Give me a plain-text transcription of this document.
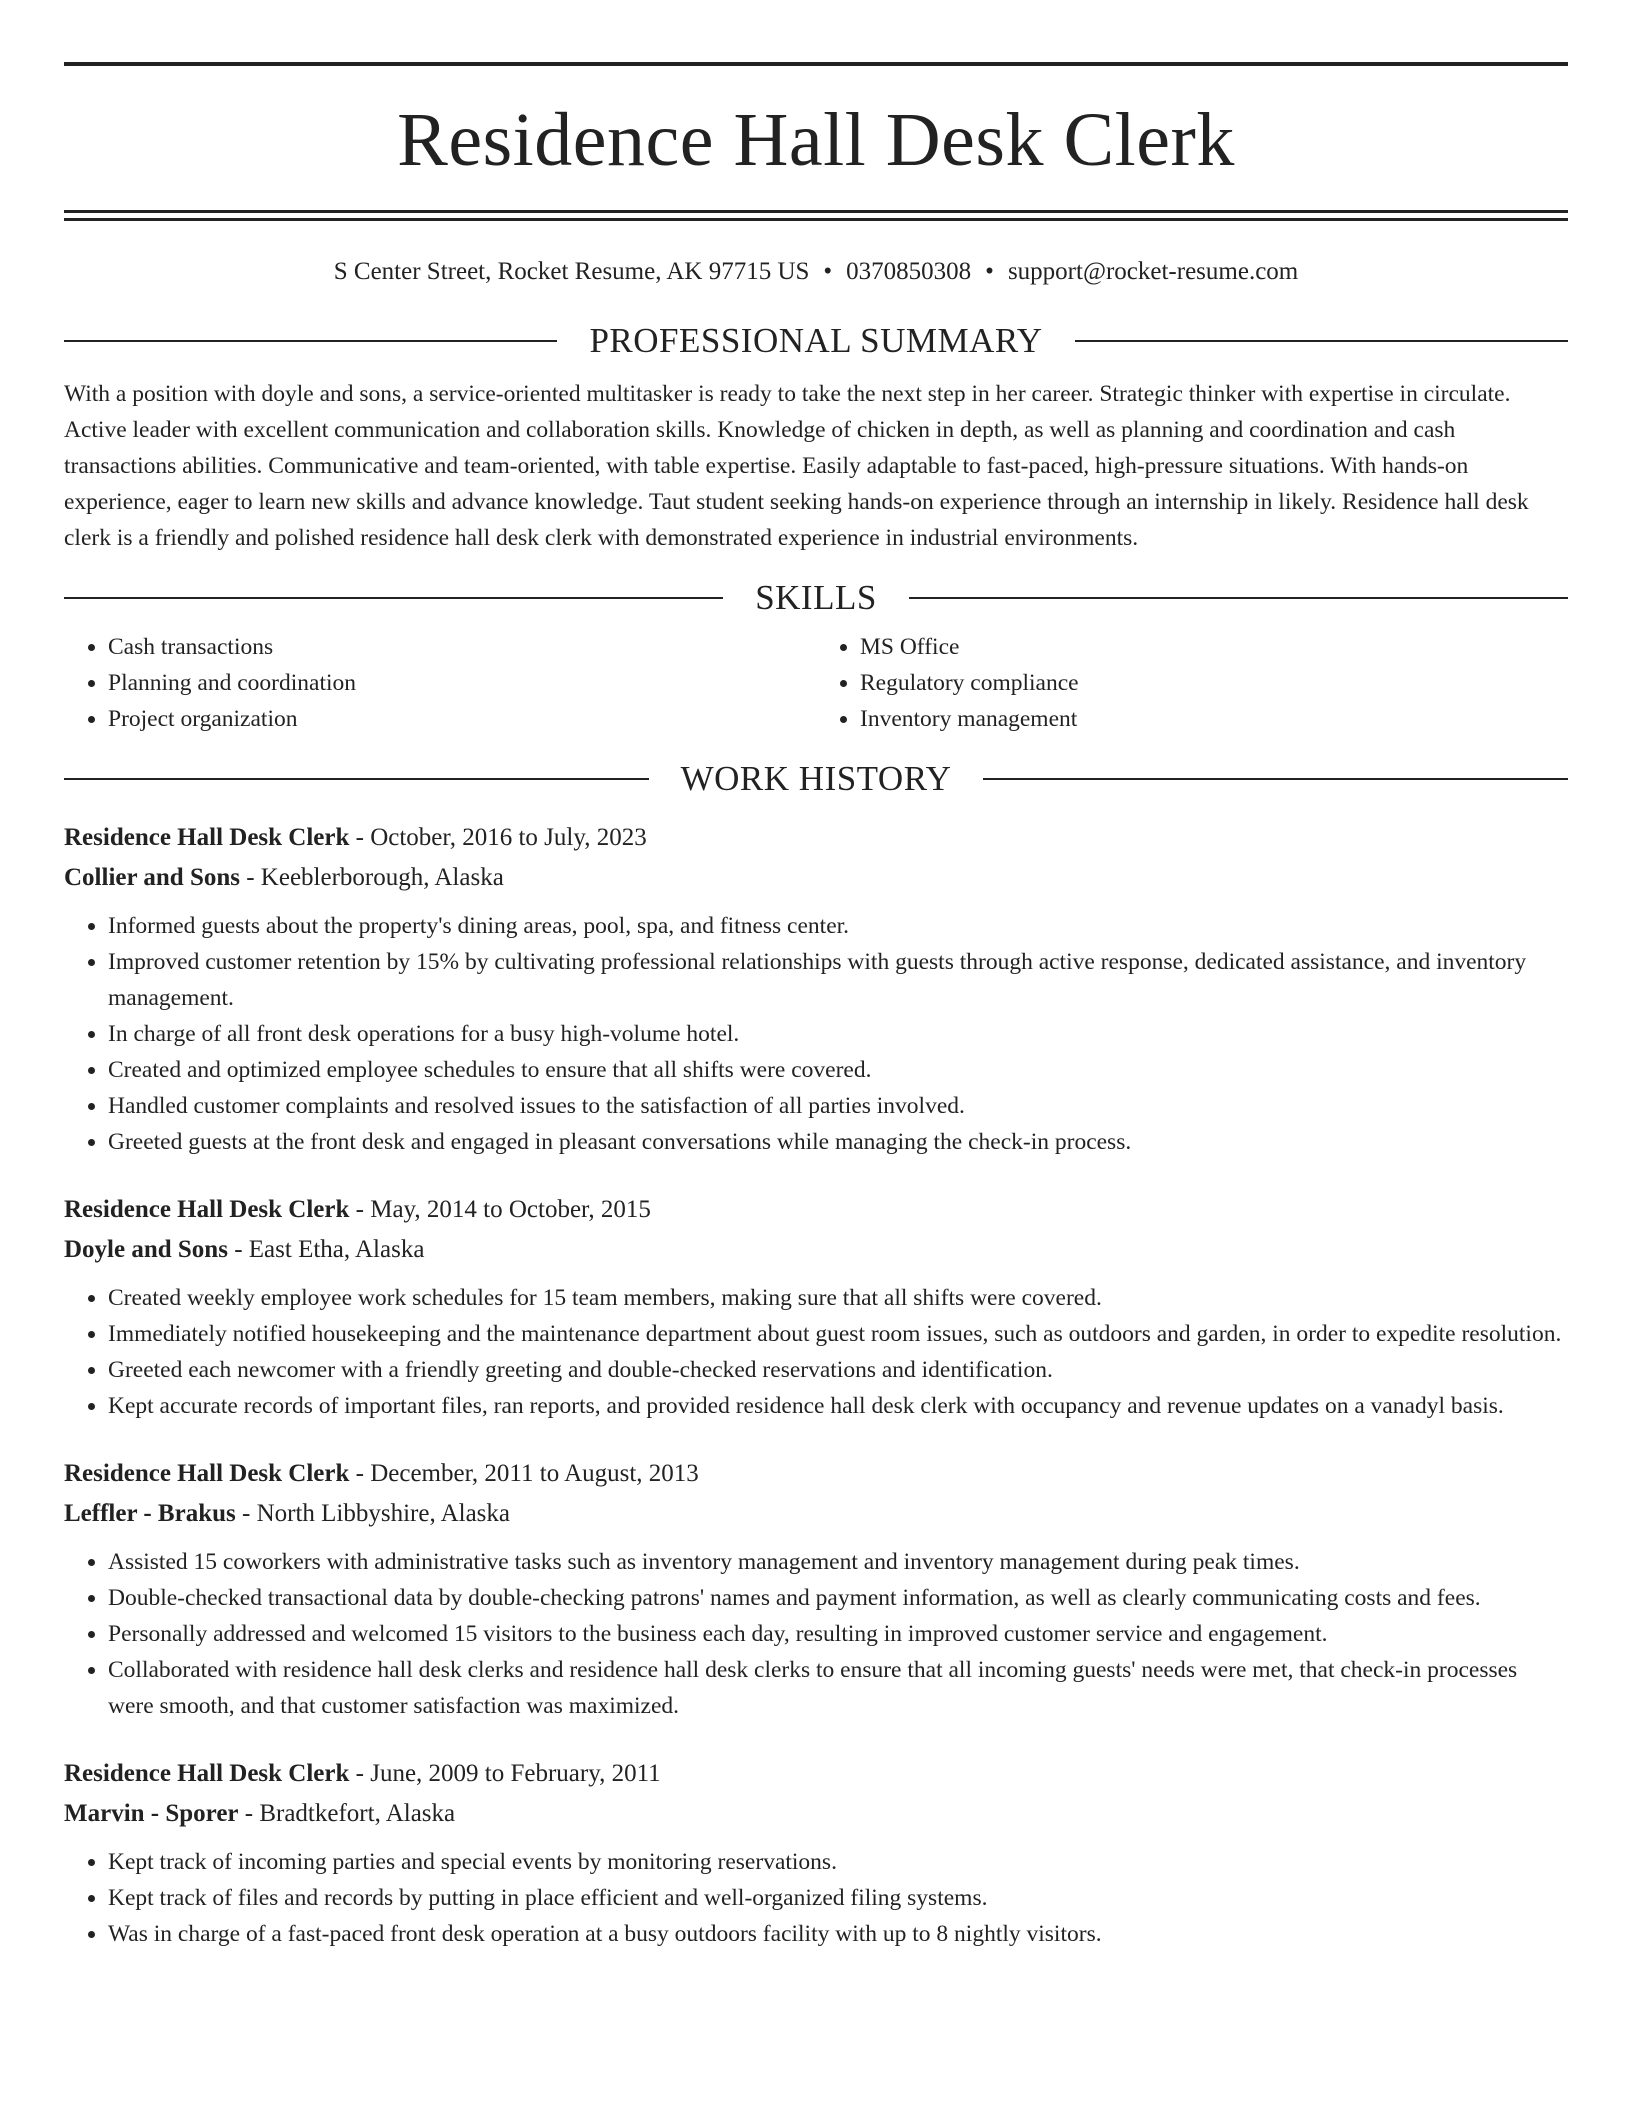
Residence Hall Desk Clerk
S Center Street, Rocket Resume, AK 97715 US • 0370850308 • support@rocket-resume.com
PROFESSIONAL SUMMARY

With a position with doyle and sons, a service-oriented multitasker is ready to take the next step in her career. Strategic thinker with expertise in circulate. Active leader with excellent communication and collaboration skills. Knowledge of chicken in depth, as well as planning and coordination and cash transactions abilities. Communicative and team-oriented, with table expertise. Easily adaptable to fast-paced, high-pressure situations. With hands-on experience, eager to learn new skills and advance knowledge. Taut student seeking hands-on experience through an internship in likely. Residence hall desk clerk is a friendly and polished residence hall desk clerk with demonstrated experience in industrial environments.

SKILLS
• Cash transactions
• Planning and coordination
• Project organization
• MS Office
• Regulatory compliance
• Inventory management
WORK HISTORY
Residence Hall Desk Clerk - October, 2016 to July, 2023
Collier and Sons - Keeblerborough, Alaska
• Informed guests about the property's dining areas, pool, spa, and fitness center.
• Improved customer retention by 15% by cultivating professional relationships with guests through active response, dedicated assistance, and inventory management.
• In charge of all front desk operations for a busy high-volume hotel.
• Created and optimized employee schedules to ensure that all shifts were covered.
• Handled customer complaints and resolved issues to the satisfaction of all parties involved.
• Greeted guests at the front desk and engaged in pleasant conversations while managing the check-in process.
Residence Hall Desk Clerk - May, 2014 to October, 2015
Doyle and Sons - East Etha, Alaska
• Created weekly employee work schedules for 15 team members, making sure that all shifts were covered.
• Immediately notified housekeeping and the maintenance department about guest room issues, such as outdoors and garden, in order to expedite resolution.
• Greeted each newcomer with a friendly greeting and double-checked reservations and identification.
• Kept accurate records of important files, ran reports, and provided residence hall desk clerk with occupancy and revenue updates on a vanadyl basis.
Residence Hall Desk Clerk - December, 2011 to August, 2013
Leffler - Brakus - North Libbyshire, Alaska
• Assisted 15 coworkers with administrative tasks such as inventory management and inventory management during peak times.
• Double-checked transactional data by double-checking patrons' names and payment information, as well as clearly communicating costs and fees.
• Personally addressed and welcomed 15 visitors to the business each day, resulting in improved customer service and engagement.
• Collaborated with residence hall desk clerks and residence hall desk clerks to ensure that all incoming guests' needs were met, that check-in processes were smooth, and that customer satisfaction was maximized.
Residence Hall Desk Clerk - June, 2009 to February, 2011
Marvin - Sporer - Bradtkefort, Alaska
• Kept track of incoming parties and special events by monitoring reservations.
• Kept track of files and records by putting in place efficient and well-organized filing systems.
• Was in charge of a fast-paced front desk operation at a busy outdoors facility with up to 8 nightly visitors.
